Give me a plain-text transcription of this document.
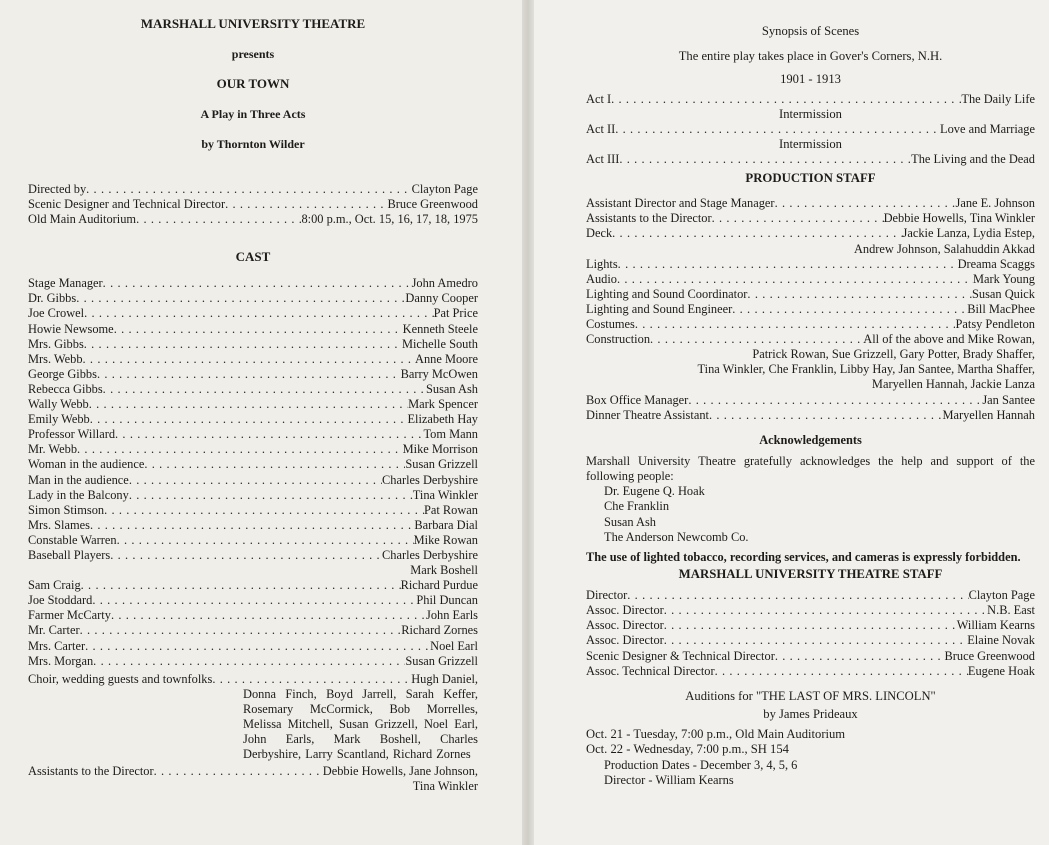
MARSHALL UNIVERSITY THEATRE
presents
OUR TOWN
A Play in Three Acts
by Thornton Wilder
Directed by . . .	Clayton Page
Scenic Designer and Technical Director . . .	Bruce Greenwood
Old Main Auditorium . . .	8:00 p.m., Oct. 15, 16, 17, 18, 1975
CAST
Stage Manager . . .	John Amedro
Dr. Gibbs . . .	Danny Cooper
Joe Crowel . . .	Pat Price
Howie Newsome . . .	Kenneth Steele
Mrs. Gibbs . . .	Michelle South
Mrs. Webb . . .	Anne Moore
George Gibbs . . .	Barry McOwen
Rebecca Gibbs . . .	Susan Ash
Wally Webb . . .	Mark Spencer
Emily Webb . . .	Elizabeth Hay
Professor Willard . . .	Tom Mann
Mr. Webb . . .	Mike Morrison
Woman in the audience . . .	Susan Grizzell
Man in the audience . . .	Charles Derbyshire
Lady in the Balcony . . .	Tina Winkler
Simon Stimson . . .	Pat Rowan
Mrs. Slames . . .	Barbara Dial
Constable Warren . . .	Mike Rowan
Baseball Players . . .	Charles Derbyshire
Mark Boshell
Sam Craig . . .	Richard Purdue
Joe Stoddard . . .	Phil Duncan
Farmer McCarty . . .	John Earls
Mr. Carter . . .	Richard Zornes
Mrs. Carter . . .	Noel Earl
Mrs. Morgan . . .	Susan Grizzell
Choir, wedding guests and townfolks . . .	Hugh Daniel,
Donna Finch, Boyd Jarrell, Sarah Keffer, Rosemary McCormick, Bob Morrelles, Melissa Mitchell, Susan Grizzell, Noel Earl, John Earls, Mark Boshell, Charles Derbyshire, Larry Scantland, Richard Zornes
Assistants to the Director . . .	Debbie Howells, Jane Johnson,
Tina Winkler
Synopsis of Scenes
The entire play takes place in Gover's Corners, N.H.
1901 - 1913
Act I . . .	The Daily Life
Intermission
Act II . . .	Love and Marriage
Intermission
Act III . . .	The Living and the Dead
PRODUCTION STAFF
Assistant Director and Stage Manager . . .	Jane E. Johnson
Assistants to the Director . . .	Debbie Howells, Tina Winkler
Deck . . .	Jackie Lanza, Lydia Estep,
Andrew Johnson, Salahuddin Akkad
Lights . . .	Dreama Scaggs
Audio . . .	Mark Young
Lighting and Sound Coordinator . . .	Susan Quick
Lighting and Sound Engineer . . .	Bill MacPhee
Costumes . . .	Patsy Pendleton
Construction . . .	All of the above and Mike Rowan,
Patrick Rowan, Sue Grizzell, Gary Potter, Brady Shaffer,
Tina Winkler, Che Franklin, Libby Hay, Jan Santee, Martha Shaffer,
Maryellen Hannah, Jackie Lanza
Box Office Manager . . .	Jan Santee
Dinner Theatre Assistant . . .	Maryellen Hannah
Acknowledgements
Marshall University Theatre gratefully acknowledges the help and support of the following people:
Dr. Eugene Q. Hoak
Che Franklin
Susan Ash
The Anderson Newcomb Co.
The use of lighted tobacco, recording services, and cameras is expressly forbidden.
MARSHALL UNIVERSITY THEATRE STAFF
Director . . .	Clayton Page
Assoc. Director . . .	N.B. East
Assoc. Director . . .	William Kearns
Assoc. Director . . .	Elaine Novak
Scenic Designer & Technical Director . . .	Bruce Greenwood
Assoc. Technical Director . . .	Eugene Hoak
Auditions for "THE LAST OF MRS. LINCOLN"
by James Prideaux
Oct. 21 - Tuesday, 7:00 p.m., Old Main Auditorium
Oct. 22 - Wednesday, 7:00 p.m., SH 154
Production Dates - December 3, 4, 5, 6
Director - William Kearns
